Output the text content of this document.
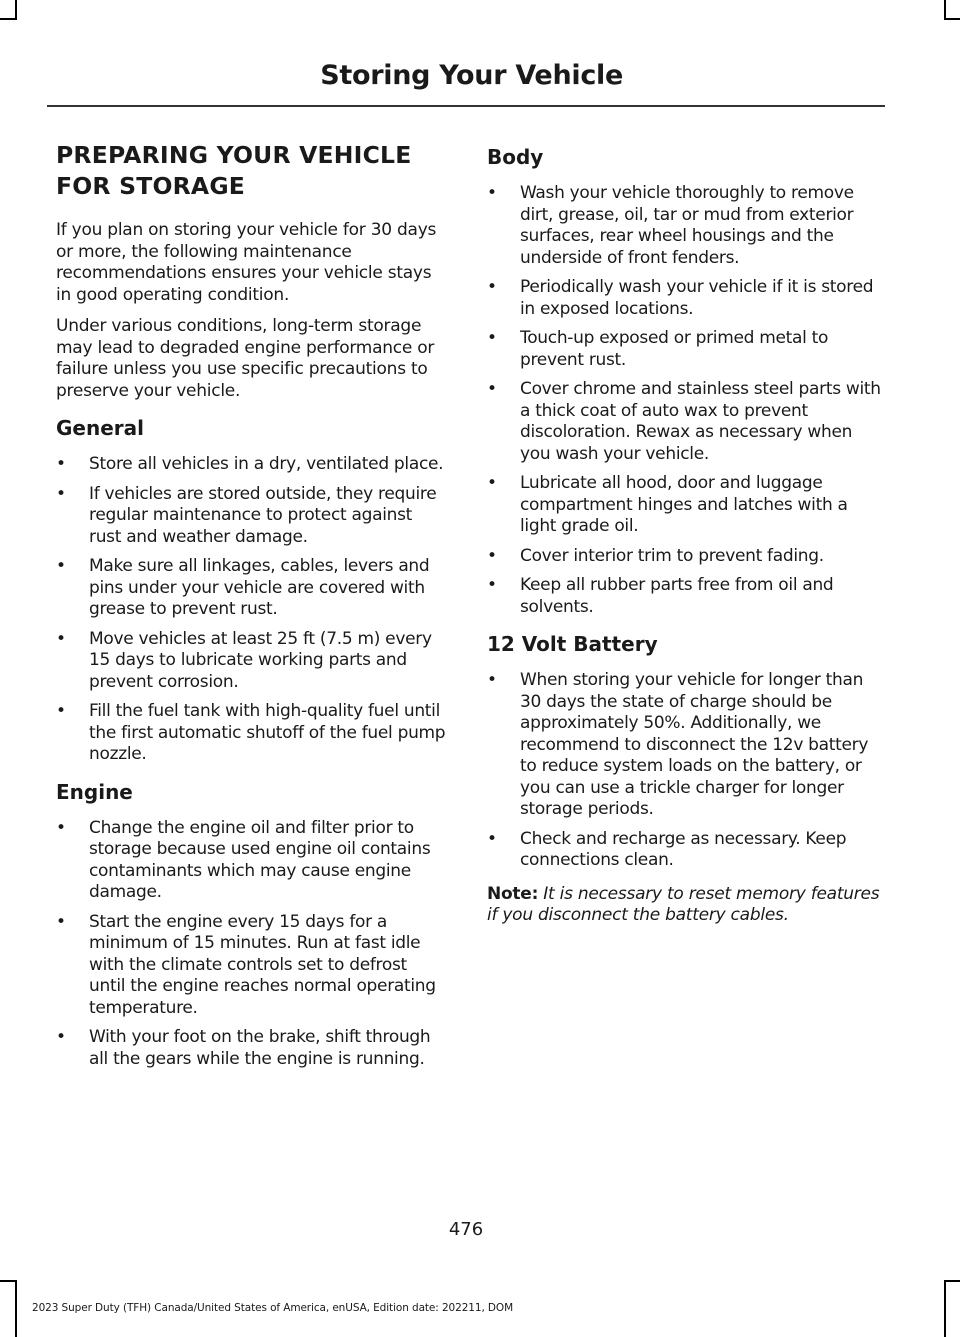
Storing Your Vehicle
PREPARING YOUR VEHICLE
FOR STORAGE

If you plan on storing your vehicle for 30 days or more, the following maintenance recommendations ensures your vehicle stays in good operating condition.

Under various conditions, long-term storage may lead to degraded engine performance or failure unless you use specific precautions to preserve your vehicle.

General
• Store all vehicles in a dry, ventilated place.
• If vehicles are stored outside, they require regular maintenance to protect against rust and weather damage.
• Make sure all linkages, cables, levers and pins under your vehicle are covered with grease to prevent rust.
• Move vehicles at least 25 ft (7.5 m) every 15 days to lubricate working parts and prevent corrosion.
• Fill the fuel tank with high-quality fuel until the first automatic shutoff of the fuel pump nozzle.
Engine
• Change the engine oil and filter prior to storage because used engine oil contains contaminants which may cause engine damage.
• Start the engine every 15 days for a minimum of 15 minutes. Run at fast idle with the climate controls set to defrost until the engine reaches normal operating temperature.
• With your foot on the brake, shift through all the gears while the engine is running.
Body
• Wash your vehicle thoroughly to remove dirt, grease, oil, tar or mud from exterior surfaces, rear wheel housings and the underside of front fenders.
• Periodically wash your vehicle if it is stored in exposed locations.
• Touch-up exposed or primed metal to prevent rust.
• Cover chrome and stainless steel parts with a thick coat of auto wax to prevent discoloration. Rewax as necessary when you wash your vehicle.
• Lubricate all hood, door and luggage compartment hinges and latches with a light grade oil.
• Cover interior trim to prevent fading.
• Keep all rubber parts free from oil and solvents.
12 Volt Battery
• When storing your vehicle for longer than 30 days the state of charge should be approximately 50%. Additionally, we recommend to disconnect the 12v battery to reduce system loads on the battery, or you can use a trickle charger for longer storage periods.
• Check and recharge as necessary. Keep connections clean.

Note: It is necessary to reset memory features if you disconnect the battery cables.

476
2023 Super Duty (TFH) Canada/United States of America, enUSA, Edition date: 202211, DOM
